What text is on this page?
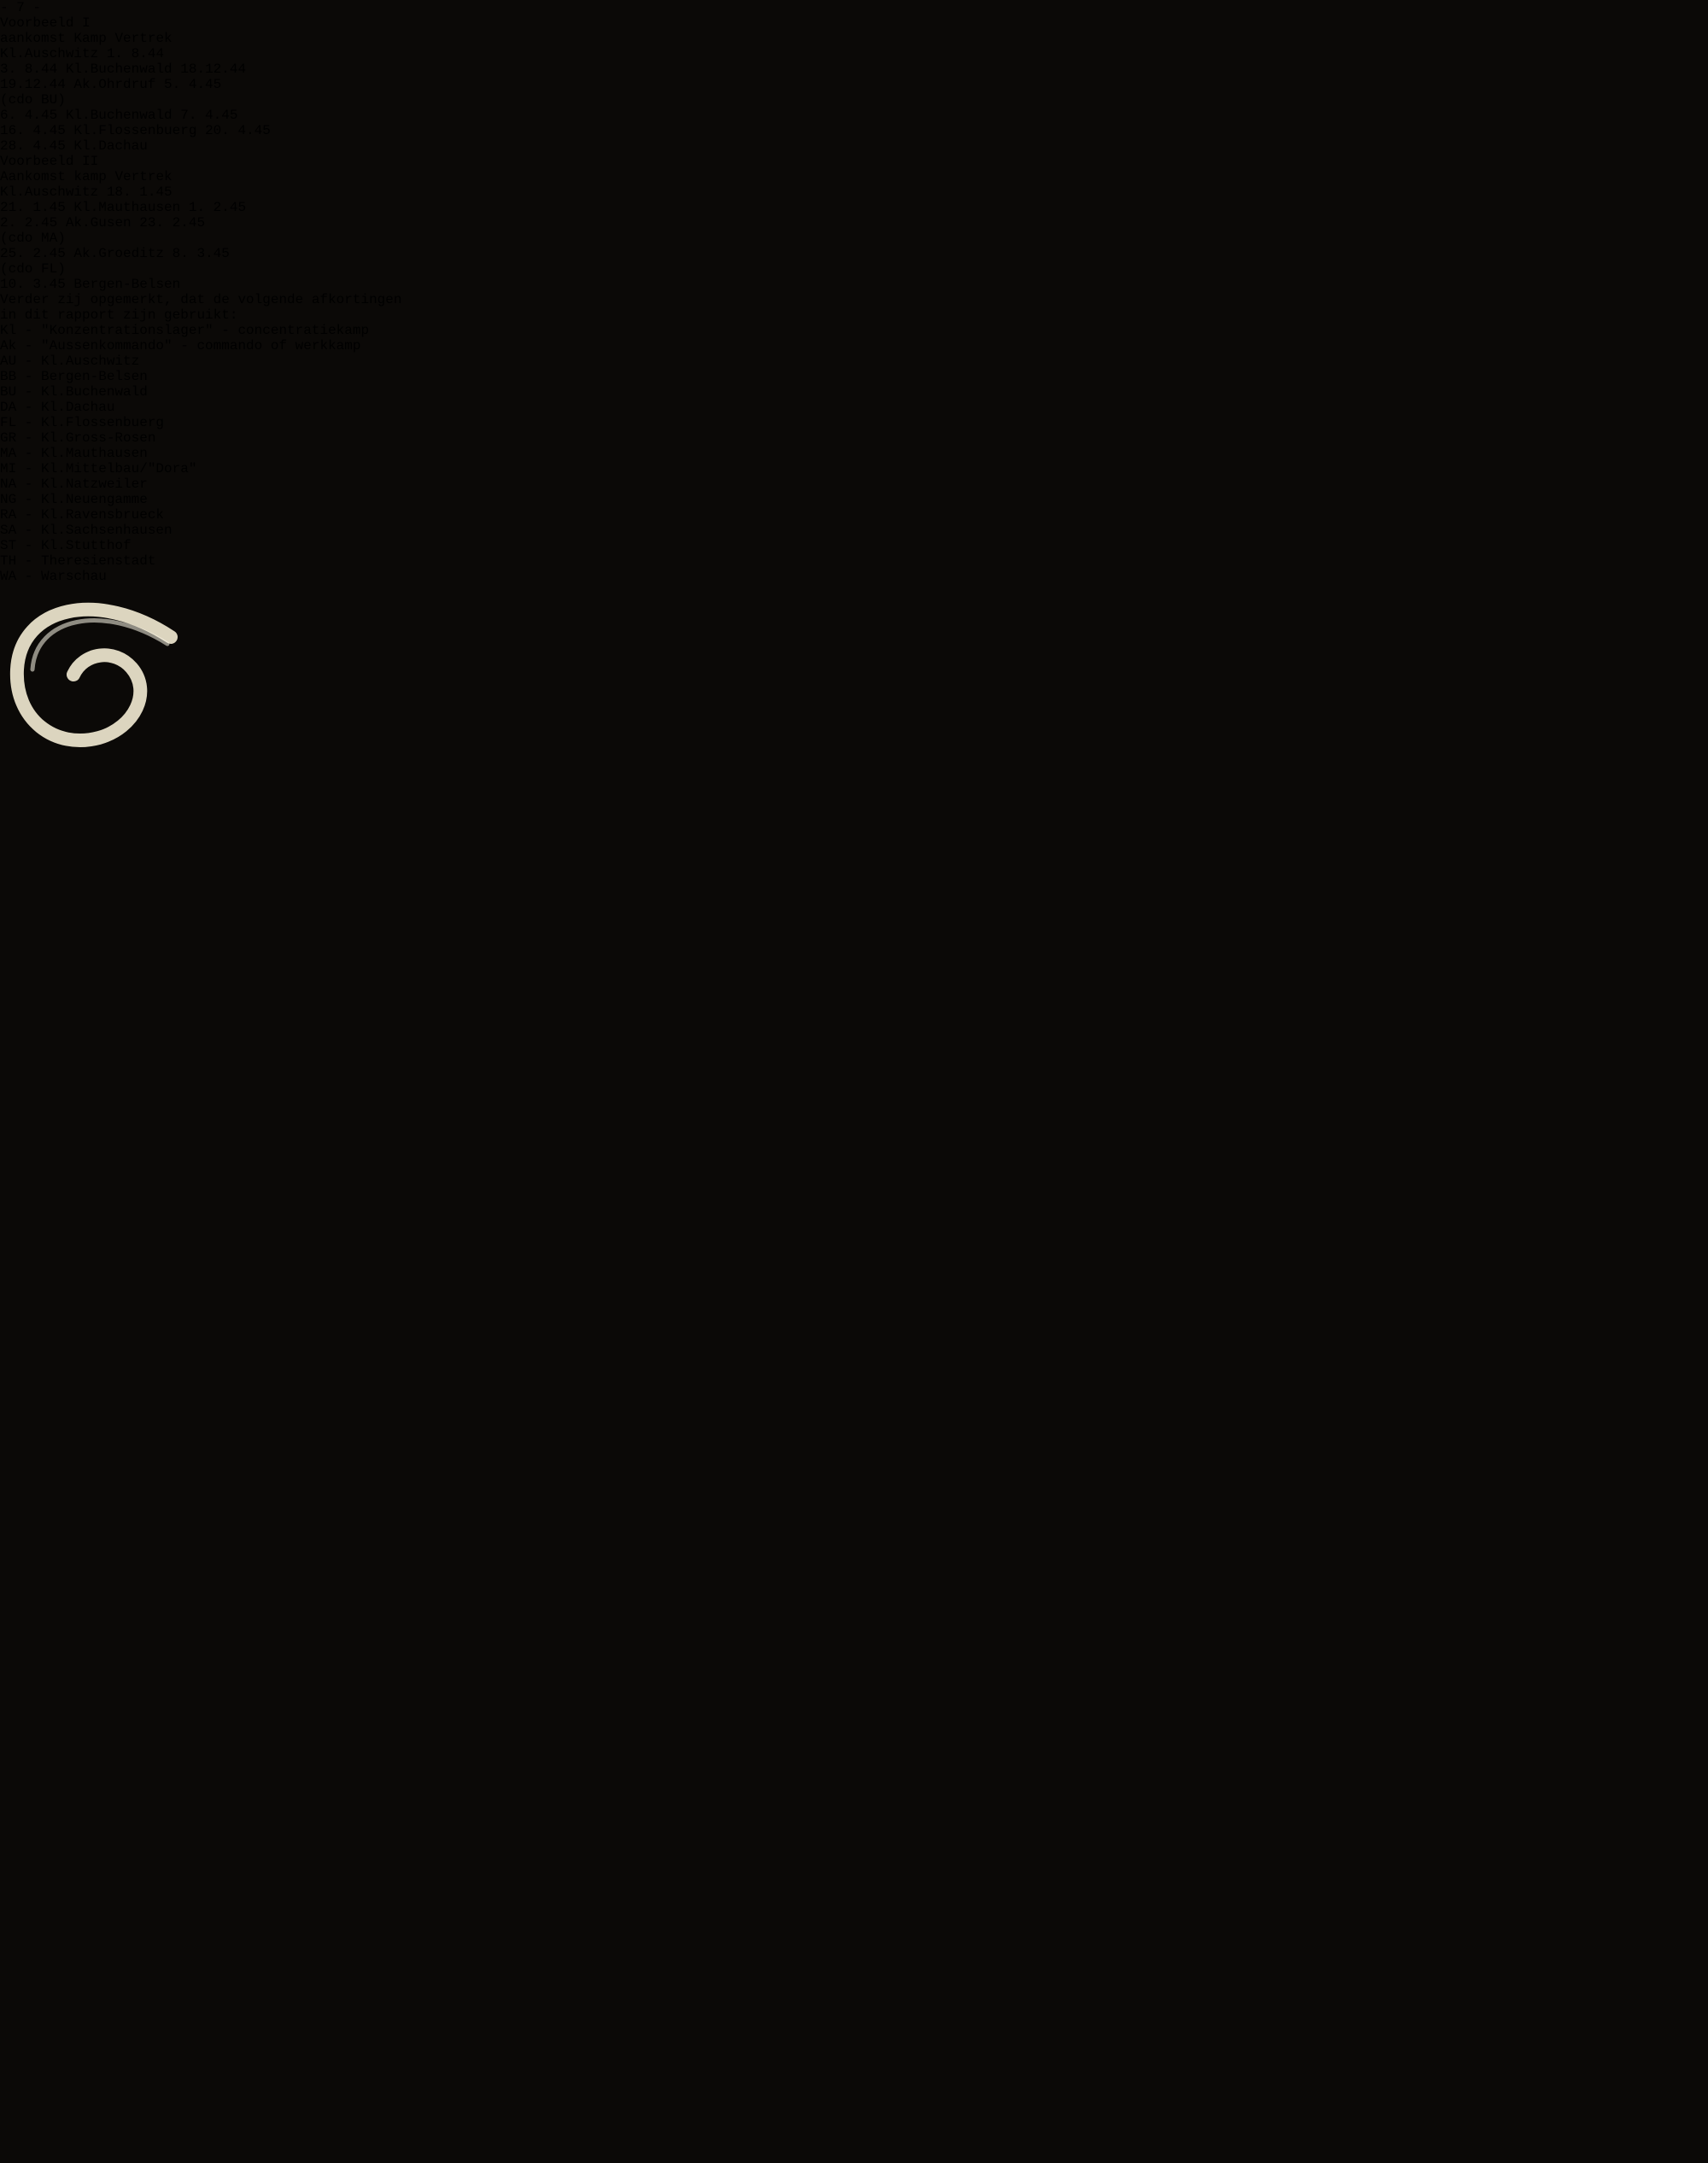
- 7 -
Voorbeeld I
aankomst Kamp Vertrek
Kl.Auschwitz 1. 8.44
3. 8.44 Kl.Buchenwald 18.12.44
19.12.44 Ak.Ohrdruf 5. 4.45
(cdo BU)
6. 4.45 Kl.Buchenwald 7. 4.45
16. 4.45 Kl.Flossenbuerg 20. 4.45
28. 4.45 Kl.Dachau
Voorbeeld II
Aankomst kamp Vertrek
Kl.Auschwitz 18. 1.45
21. 1.45 Kl.Mauthausen 1. 2.45
2. 2.45 Ak.Gusen 23. 2.45
(cdo MA)
25. 2.45 Ak.Groeditz 8. 3.45
(cdo FL)
10. 3.45 Bergen-Belsen
Verder zij opgemerkt, dat de volgende afkortingen
in dit rapport zijn gebruikt:
Kl - "Konzentrationslager" - concentratiekamp
Ak - "Aussenkommando" - commando of werkkamp
AU - Kl.Auschwitz
BB - Bergen-Belsen
BU - Kl.Buchenwald
DA - Kl.Dachau
FL - Kl.Flossenbuerg
GR - Kl.Gross-Rosen
MA - Kl.Mauthausen
MI - Kl.Mittelbau/"Dora"
NA - Kl.Natzweiler
NG - Kl.Neuengamme
RA - Kl.Ravensbrueck
SA - Kl.Sachsenhausen
ST - Kl.Stutthof
TH - Theresienstadt
WA - Warschau
